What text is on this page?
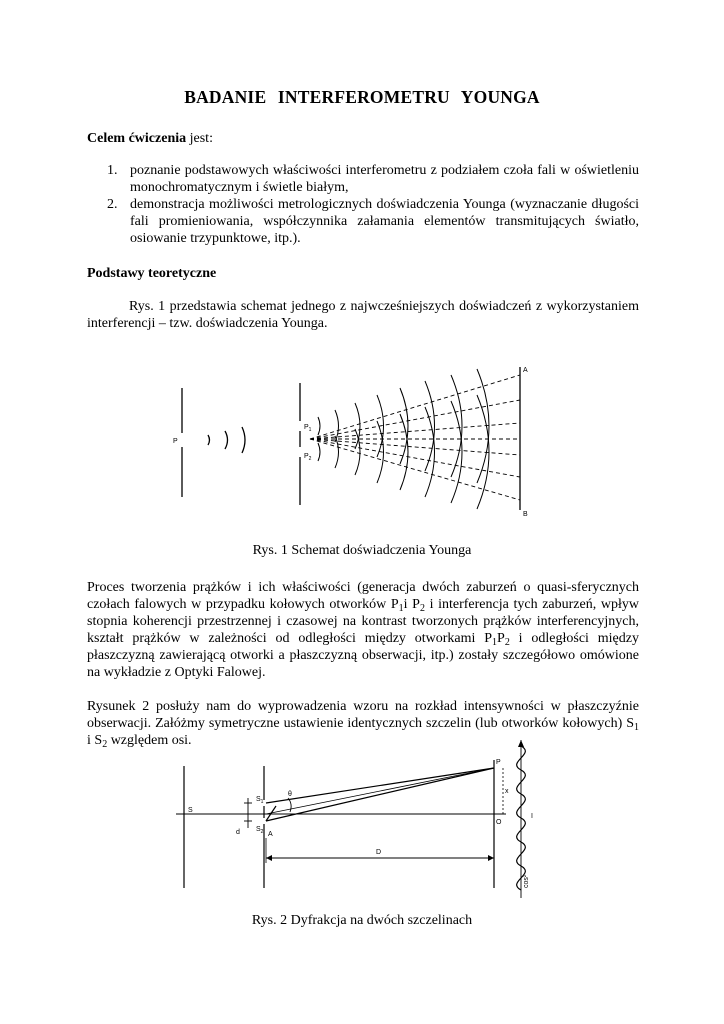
BADANIE INTERFEROMETRU YOUNGA
Celem ćwiczenia jest:
1. poznanie podstawowych właściwości interferometru z podziałem czoła fali w oświetleniu monochromatycznym i świetle białym,
2. demonstracja możliwości metrologicznych doświadczenia Younga (wyznaczanie długości fali promieniowania, współczynnika załamania elementów transmitujących światło, osiowanie trzypunktowe, itp.).
Podstawy teoretyczne
Rys. 1 przedstawia schemat jednego z najwcześniejszych doświadczeń z wykorzystaniem interferencji – tzw. doświadczenia Younga.
P
$P_1$
$P_2$
A
B
Rys. 1 Schemat doświadczenia Younga
Proces tworzenia prążków i ich właściwości (generacja dwóch zaburzeń o quasi-sferycznych czołach falowych w przypadku kołowych otworków $P_1i$ $P_2$ i interferencja tych zaburzeń, wpływ stopnia koherencji przestrzennej i czasowej na kontrast tworzonych prążków interferencyjnych, kształt prążków w zależności od odległości między otworkami $P_1P_2$ i odległości między płaszczyzną zawierającą otworki a płaszczyzną obserwacji, itp.) zostały szczegółowo omówione na wykładzie z Optyki Falowej.
Rysunek 2 posłuży nam do wyprowadzenia wzoru na rozkład intensywności w płaszczyźnie obserwacji. Załóżmy symetryczne ustawienie identycznych szczelin (lub otworków kołowych) $S_1$ i $S_2$ względem osi.
S
$S_1$
$S_2$ A
d
θ
P
x
O
D
I
cos²
Rys. 2 Dyfrakcja na dwóch szczelinach
